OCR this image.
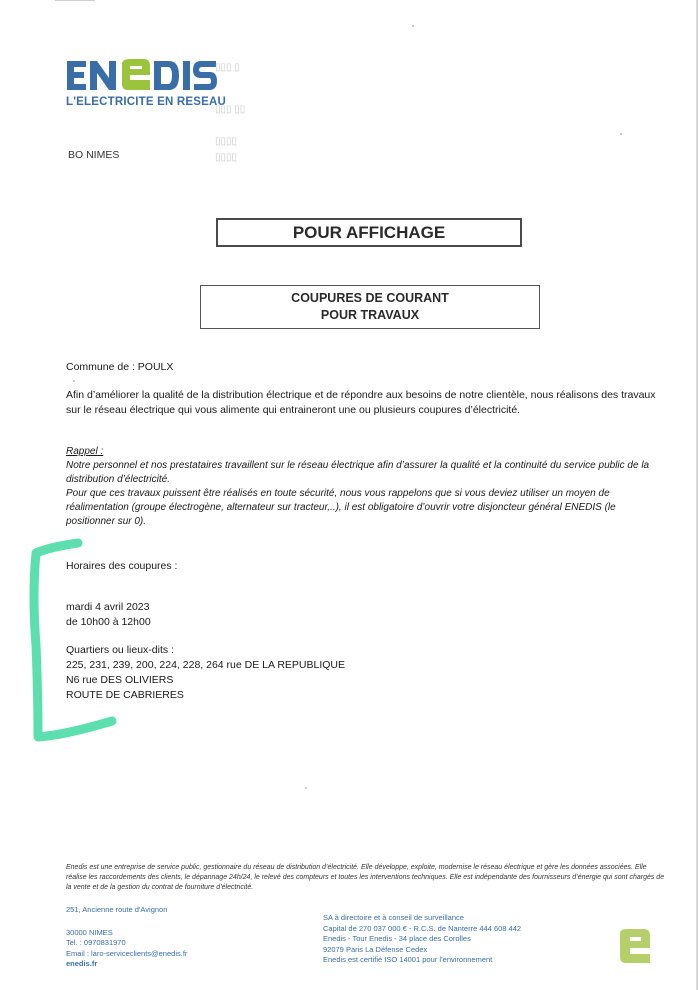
L'ELECTRICITE EN RESEAU
▯▯▯ ▯
▯▯▯ ▯▯
▯▯▯▯
▯▯▯▯
BO NIMES
POUR AFFICHAGE
COUPURES DE COURANT
POUR TRAVAUX
Commune de : POULX
Afin d’améliorer la qualité de la distribution électrique et de répondre aux besoins de notre clientèle, nous réalisons des travaux sur le réseau électrique qui vous alimente qui entraineront une ou plusieurs coupures d’électricité.
Rappel :

Notre personnel et nos prestataires travaillent sur le réseau électrique afin d’assurer la qualité et la continuité du service public de la distribution d’électricité.

Pour que ces travaux puissent être réalisés en toute sécurité, nous vous rappelons que si vous deviez utiliser un moyen de réalimentation (groupe électrogène, alternateur sur tracteur,..), il est obligatoire d’ouvrir votre disjoncteur général ENEDIS (le positionner sur 0).

Horaires des coupures :
mardi 4 avril 2023
de 10h00 à 12h00
Quartiers ou lieux-dits :
225, 231, 239, 200, 224, 228, 264 rue DE LA REPUBLIQUE
N6 rue DES OLIVIERS
ROUTE DE CABRIERES
Enedis est une entreprise de service public, gestionnaire du réseau de distribution d’électricité. Elle développe, exploite, modernise le réseau électrique et gère les données associées. Elle réalise les raccordements des clients, le dépannage 24h/24, le relevé des compteurs et toutes les interventions techniques. Elle est indépendante des fournisseurs d’énergie qui sont chargés de la vente et de la gestion du contrat de fourniture d’électricité.
251, Ancienne route d'Avignon
30000 NIMES
Tel. : 0970831970
Email : laro-serviceclients@enedis.fr
enedis.fr
SA à directoire et à conseil de surveillance
Capital de 270 037 000 € - R.C.S. de Nanterre 444 608 442
Enedis - Tour Enedis - 34 place des Corolles
92079 Paris La Défense Cedex
Enedis est certifié ISO 14001 pour l’environnement
